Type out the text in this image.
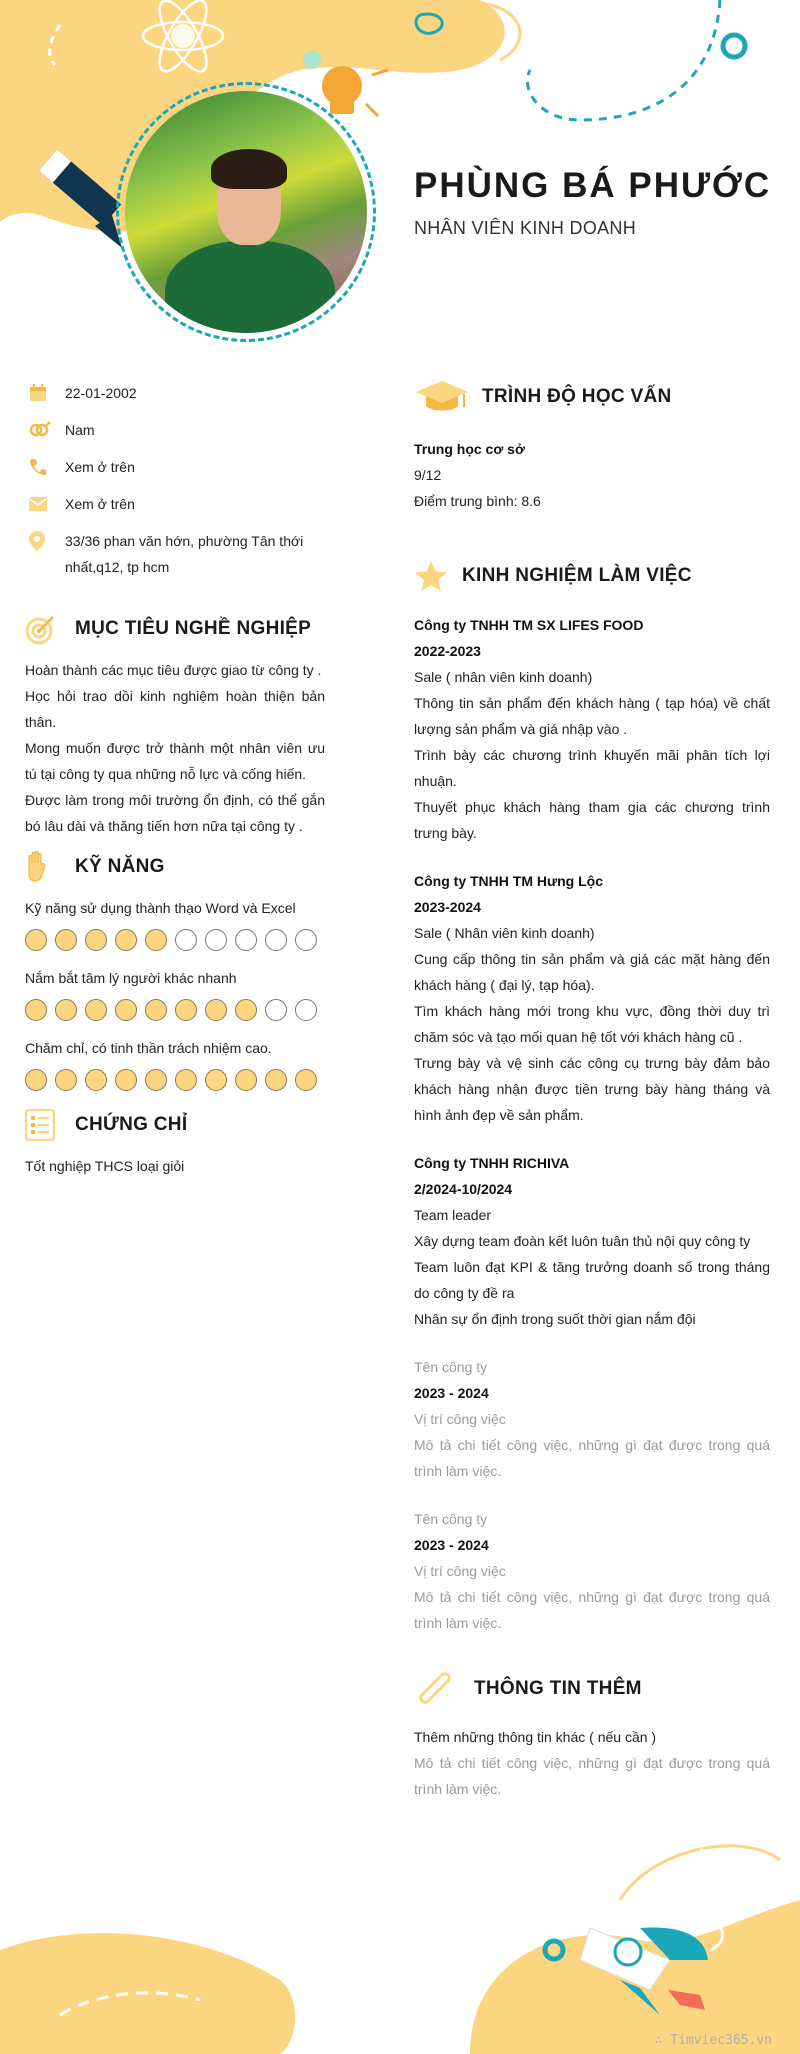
PHÙNG BÁ PHƯỚC
NHÂN VIÊN KINH DOANH
22-01-2002
Nam
Xem ở trên
Xem ở trên
33/36 phan văn hớn, phường Tân thới nhất,q12, tp hcm
MỤC TIÊU NGHỀ NGHIỆP
Hoàn thành các mục tiêu được giao từ công ty .
Học hỏi trao dồi kinh nghiệm hoàn thiện bản thân.
Mong muốn được trở thành một nhân viên ưu tú tại công ty qua những nỗ lực và cống hiến.
Được làm trong môi trường ổn định, có thể gắn bó lâu dài và thăng tiến hơn nữa tại công ty .
KỸ NĂNG
Kỹ năng sử dụng thành thạo Word và Excel
Nắm bắt tâm lý người khác nhanh
Chăm chỉ, có tinh thần trách nhiệm cao.
CHỨNG CHỈ
Tốt nghiệp THCS loại giỏi
TRÌNH ĐỘ HỌC VẤN
Trung học cơ sở
9/12
Điểm trung bình: 8.6
KINH NGHIỆM LÀM VIỆC
Công ty TNHH TM SX LIFES FOOD
2022-2023
Sale ( nhân viên kinh doanh)
Thông tin sản phẩm đến khách hàng ( tạp hóa) về chất lượng sản phẩm và giá nhập vào .
Trình bày các chương trình khuyến mãi phân tích lợi nhuận.
Thuyết phục khách hàng tham gia các chương trình trưng bày.
Công ty TNHH TM Hưng Lộc
2023-2024
Sale ( Nhân viên kinh doanh)
Cung cấp thông tin sản phẩm và giá các mặt hàng đến khách hàng ( đại lý, tạp hóa).
Tìm khách hàng mới trong khu vực, đồng thời duy trì chăm sóc và tạo mối quan hệ tốt với khách hàng cũ .
Trưng bày và vệ sinh các công cụ trưng bày đảm bảo khách hàng nhận được tiền trưng bày hàng tháng và hình ảnh đẹp về sản phẩm.
Công ty TNHH RICHIVA
2/2024-10/2024
Team leader
Xây dựng team đoàn kết luôn tuân thủ nội quy công ty
Team luôn đạt KPI & tăng trưởng doanh số trong tháng do công ty đề ra
Nhân sự ổn định trong suốt thời gian nắm đội
Tên công ty
2023 - 2024
Vị trí công việc
Mô tả chi tiết công việc, những gì đạt được trong quá trình làm việc.
Tên công ty
2023 - 2024
Vị trí công việc
Mô tả chi tiết công việc, những gì đạt được trong quá trình làm việc.
THÔNG TIN THÊM
Thêm những thông tin khác ( nếu cần )
Mô tả chi tiết công việc, những gì đạt được trong quá trình làm việc.
∴ Timviec365.vn
